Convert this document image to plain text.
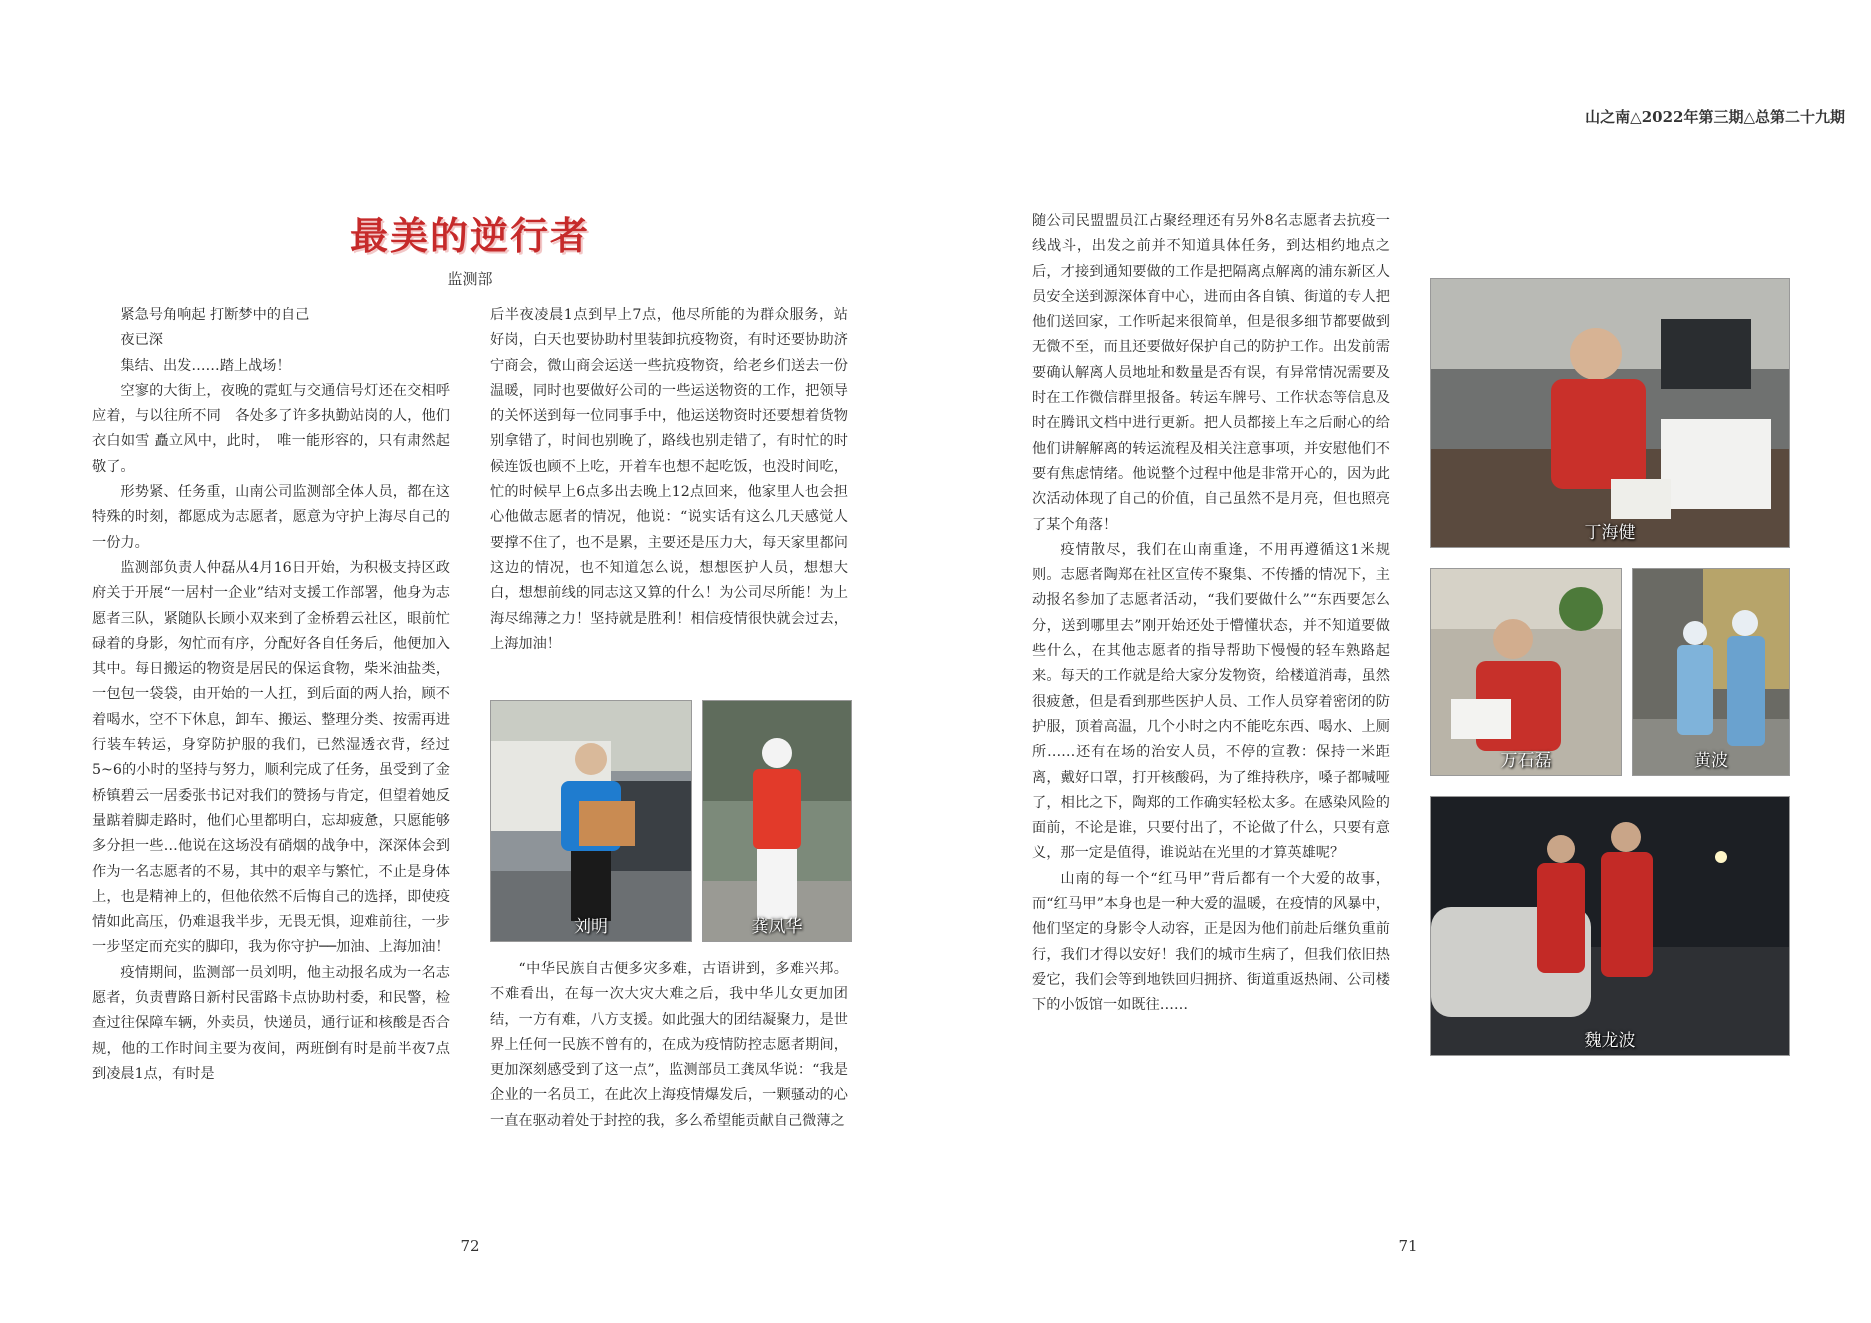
山之南△2022年第三期△总第二十九期
最美的逆行者
监测部

紧急号角响起 打断梦中的自己

夜已深

集结、出发……踏上战场！

空寥的大街上，夜晚的霓虹与交通信号灯还在交相呼应着，与以往所不同　各处多了许多执勤站岗的人，他们衣白如雪 矗立风中，此时，　唯一能形容的，只有肃然起敬了。

形势紧、任务重，山南公司监测部全体人员，都在这特殊的时刻，都愿成为志愿者，愿意为守护上海尽自己的一份力。

监测部负责人仲磊从4月16日开始，为积极支持区政府关于开展“一居村一企业”结对支援工作部署，他身为志愿者三队，紧随队长顾小双来到了金桥碧云社区，眼前忙碌着的身影，匆忙而有序，分配好各自任务后，他便加入其中。每日搬运的物资是居民的保运食物，柴米油盐类，一包包一袋袋，由开始的一人扛，到后面的两人抬，顾不着喝水，空不下休息，卸车、搬运、整理分类、按需再进行装车转运，身穿防护服的我们，已然湿透衣背，经过5~6的小时的坚持与努力，顺利完成了任务，虽受到了金桥镇碧云一居委张书记对我们的赞扬与肯定，但望着她反量踮着脚走路时，他们心里都明白，忘却疲惫，只愿能够多分担一些…他说在这场没有硝烟的战争中，深深体会到作为一名志愿者的不易，其中的艰辛与繁忙，不止是身体上，也是精神上的，但他依然不后悔自己的选择，即使疫情如此高压，仍难退我半步，无畏无惧，迎难前往，一步一步坚定而充实的脚印，我为你守护──加油、上海加油！

疫情期间，监测部一员刘明，他主动报名成为一名志愿者，负责曹路日新村民雷路卡点协助村委，和民警，检查过往保障车辆，外卖员，快递员，通行证和核酸是否合规，他的工作时间主要为夜间，两班倒有时是前半夜7点到凌晨1点，有时是

后半夜凌晨1点到早上7点，他尽所能的为群众服务，站好岗，白天也要协助村里装卸抗疫物资，有时还要协助济宁商会，微山商会运送一些抗疫物资，给老乡们送去一份温暖，同时也要做好公司的一些运送物资的工作，把领导的关怀送到每一位同事手中，他运送物资时还要想着货物别拿错了，时间也别晚了，路线也别走错了，有时忙的时候连饭也顾不上吃，开着车也想不起吃饭，也没时间吃，忙的时候早上6点多出去晚上12点回来，他家里人也会担心他做志愿者的情况，他说：“说实话有这么几天感觉人要撑不住了，也不是累，主要还是压力大，每天家里都问这边的情况，也不知道怎么说，想想医护人员，想想大白，想想前线的同志这又算的什么！为公司尽所能！为上海尽绵薄之力！坚持就是胜利！相信疫情很快就会过去，上海加油！

刘明	龚凤华

“中华民族自古便多灾多难，古语讲到，多难兴邦。不难看出，在每一次大灾大难之后，我中华儿女更加团结，一方有难，八方支援。如此强大的团结凝聚力，是世界上任何一民族不曾有的，在成为疫情防控志愿者期间，更加深刻感受到了这一点”，监测部员工龚凤华说：“我是企业的一名员工，在此次上海疫情爆发后，一颗骚动的心一直在驱动着处于封控的我，多么希望能贡献自己微薄之

随公司民盟盟员江占聚经理还有另外8名志愿者去抗疫一线战斗，出发之前并不知道具体任务，到达相约地点之后，才接到通知要做的工作是把隔离点解离的浦东新区人员安全送到源深体育中心，进而由各自镇、街道的专人把他们送回家，工作听起来很简单，但是很多细节都要做到无微不至，而且还要做好保护自己的防护工作。出发前需要确认解离人员地址和数量是否有误，有异常情况需要及时在工作微信群里报备。转运车牌号、工作状态等信息及时在腾讯文档中进行更新。把人员都接上车之后耐心的给他们讲解解离的转运流程及相关注意事项，并安慰他们不要有焦虑情绪。他说整个过程中他是非常开心的，因为此次活动体现了自己的价值，自己虽然不是月亮，但也照亮了某个角落！

疫情散尽，我们在山南重逢，不用再遵循这1米规则。志愿者陶郑在社区宣传不聚集、不传播的情况下，主动报名参加了志愿者活动，“我们要做什么”“东西要怎么分，送到哪里去”刚开始还处于懵懂状态，并不知道要做些什么，在其他志愿者的指导帮助下慢慢的轻车熟路起来。每天的工作就是给大家分发物资，给楼道消毒，虽然很疲惫，但是看到那些医护人员、工作人员穿着密闭的防护服，顶着高温，几个小时之内不能吃东西、喝水、上厕所……还有在场的治安人员，不停的宣教：保持一米距离，戴好口罩，打开核酸码，为了维持秩序，嗓子都喊哑了，相比之下，陶郑的工作确实轻松太多。在感染风险的面前，不论是谁，只要付出了，不论做了什么，只要有意义，那一定是值得，谁说站在光里的才算英雄呢？

山南的每一个“红马甲”背后都有一个大爱的故事，而“红马甲”本身也是一种大爱的温暖，在疫情的风暴中，他们坚定的身影令人动容，正是因为他们前赴后继负重前行，我们才得以安好！我们的城市生病了，但我们依旧热爱它，我们会等到地铁回归拥挤、街道重返热闹、公司楼下的小饭馆一如既往……

丁海健
万石磊	黄波
魏龙波
72	71
